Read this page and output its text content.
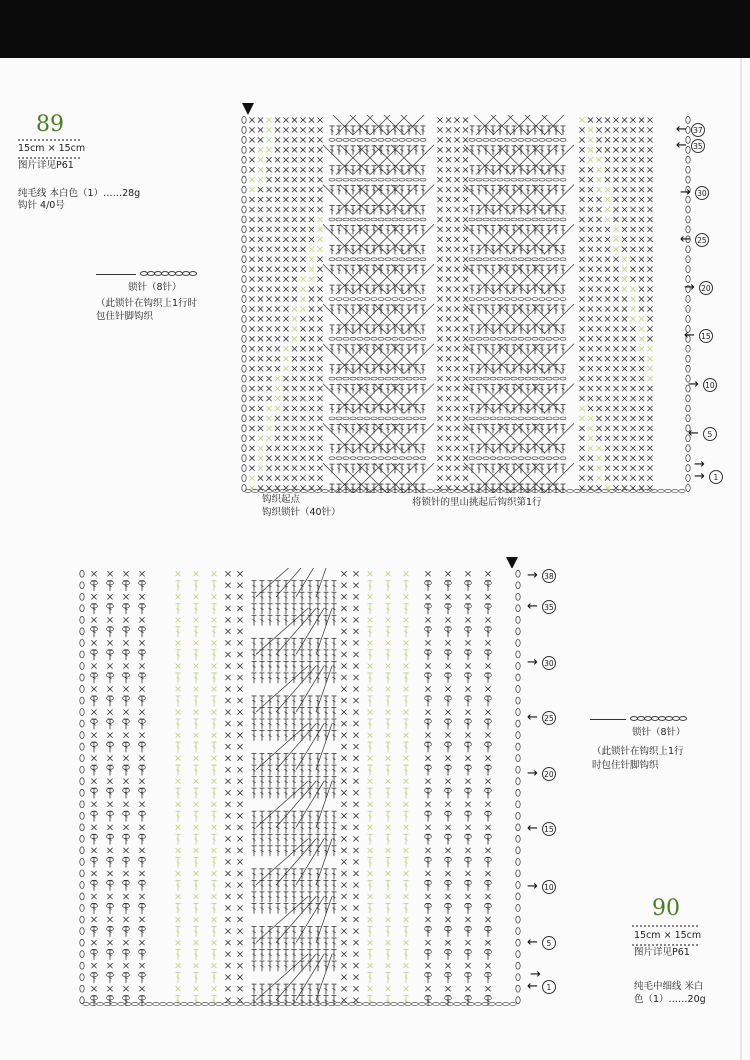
89
15cm × 15cm
图片详见P61
纯毛线 本白色（1）……28g
钩针 4/0号
锁针（8针）
（此锁针在钩织上1行时
包住针脚钩织
← 37
← 35
→ 30
← 25
→ 20
← 15
→ 10
←	5
→
→	1
钩织起点
钩织锁针（40针）
将锁针的里山挑起后钩织第1行
→ 38
← 35
→ 30
← 25
→ 20
← 15
→ 10
←	5
→
←	1
锁针（8针）
（此锁针在钩织上1行
时包住针脚钩织
90
15cm × 15cm
图片详见P61
纯毛中细线 米白
色（1）……20g
